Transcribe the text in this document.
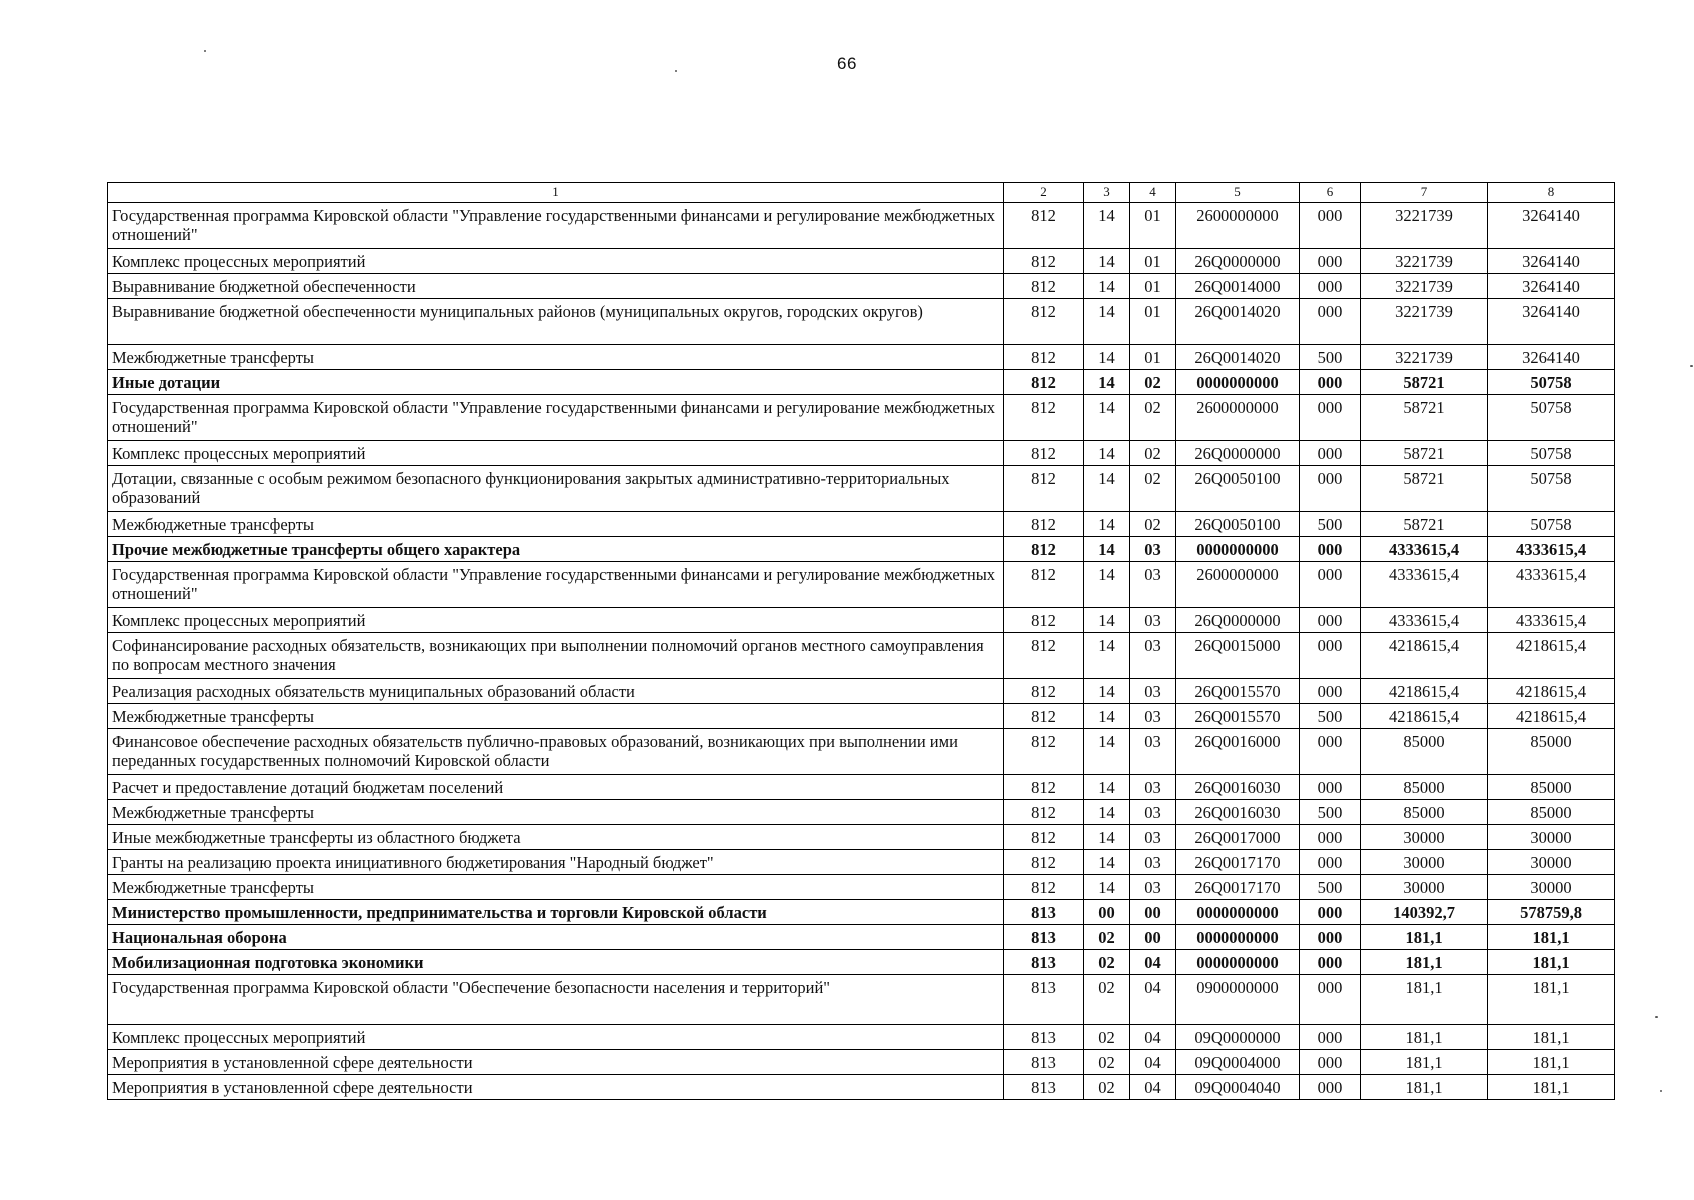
66
1	2	3	4	5	6	7	8
Государственная программа Кировской области "Управление государственными финансами и регулирование межбюджетных отношений"	812	14	01	2600000000	000	3221739	3264140
Комплекс процессных мероприятий	812	14	01	26Q0000000	000	3221739	3264140
Выравнивание бюджетной обеспеченности	812	14	01	26Q0014000	000	3221739	3264140
Выравнивание бюджетной обеспеченности муниципальных районов (муниципальных округов, городских округов)	812	14	01	26Q0014020	000	3221739	3264140
Межбюджетные трансферты	812	14	01	26Q0014020	500	3221739	3264140
Иные дотации	812	14	02	0000000000	000	58721	50758
Государственная программа Кировской области "Управление государственными финансами и регулирование межбюджетных отношений"	812	14	02	2600000000	000	58721	50758
Комплекс процессных мероприятий	812	14	02	26Q0000000	000	58721	50758
Дотации, связанные с особым режимом безопасного функционирования закрытых административно-территориальных образований	812	14	02	26Q0050100	000	58721	50758
Межбюджетные трансферты	812	14	02	26Q0050100	500	58721	50758
Прочие межбюджетные трансферты общего характера	812	14	03	0000000000	000	4333615,4	4333615,4
Государственная программа Кировской области "Управление государственными финансами и регулирование межбюджетных отношений"	812	14	03	2600000000	000	4333615,4	4333615,4
Комплекс процессных мероприятий	812	14	03	26Q0000000	000	4333615,4	4333615,4
Софинансирование расходных обязательств, возникающих при выполнении полномочий органов местного самоуправления по вопросам местного значения	812	14	03	26Q0015000	000	4218615,4	4218615,4
Реализация расходных обязательств муниципальных образований области	812	14	03	26Q0015570	000	4218615,4	4218615,4
Межбюджетные трансферты	812	14	03	26Q0015570	500	4218615,4	4218615,4
Финансовое обеспечение расходных обязательств публично-правовых образований, возникающих при выполнении ими переданных государственных полномочий Кировской области	812	14	03	26Q0016000	000	85000	85000
Расчет и предоставление дотаций бюджетам поселений	812	14	03	26Q0016030	000	85000	85000
Межбюджетные трансферты	812	14	03	26Q0016030	500	85000	85000
Иные межбюджетные трансферты из областного бюджета	812	14	03	26Q0017000	000	30000	30000
Гранты на реализацию проекта инициативного бюджетирования "Народный бюджет"	812	14	03	26Q0017170	000	30000	30000
Межбюджетные трансферты	812	14	03	26Q0017170	500	30000	30000
Министерство промышленности, предпринимательства и торговли Кировской области	813	00	00	0000000000	000	140392,7	578759,8
Национальная оборона	813	02	00	0000000000	000	181,1	181,1
Мобилизационная подготовка экономики	813	02	04	0000000000	000	181,1	181,1
Государственная программа Кировской области "Обеспечение безопасности населения и территорий"	813	02	04	0900000000	000	181,1	181,1
Комплекс процессных мероприятий	813	02	04	09Q0000000	000	181,1	181,1
Мероприятия в установленной сфере деятельности	813	02	04	09Q0004000	000	181,1	181,1
Мероприятия в установленной сфере деятельности	813	02	04	09Q0004040	000	181,1	181,1
